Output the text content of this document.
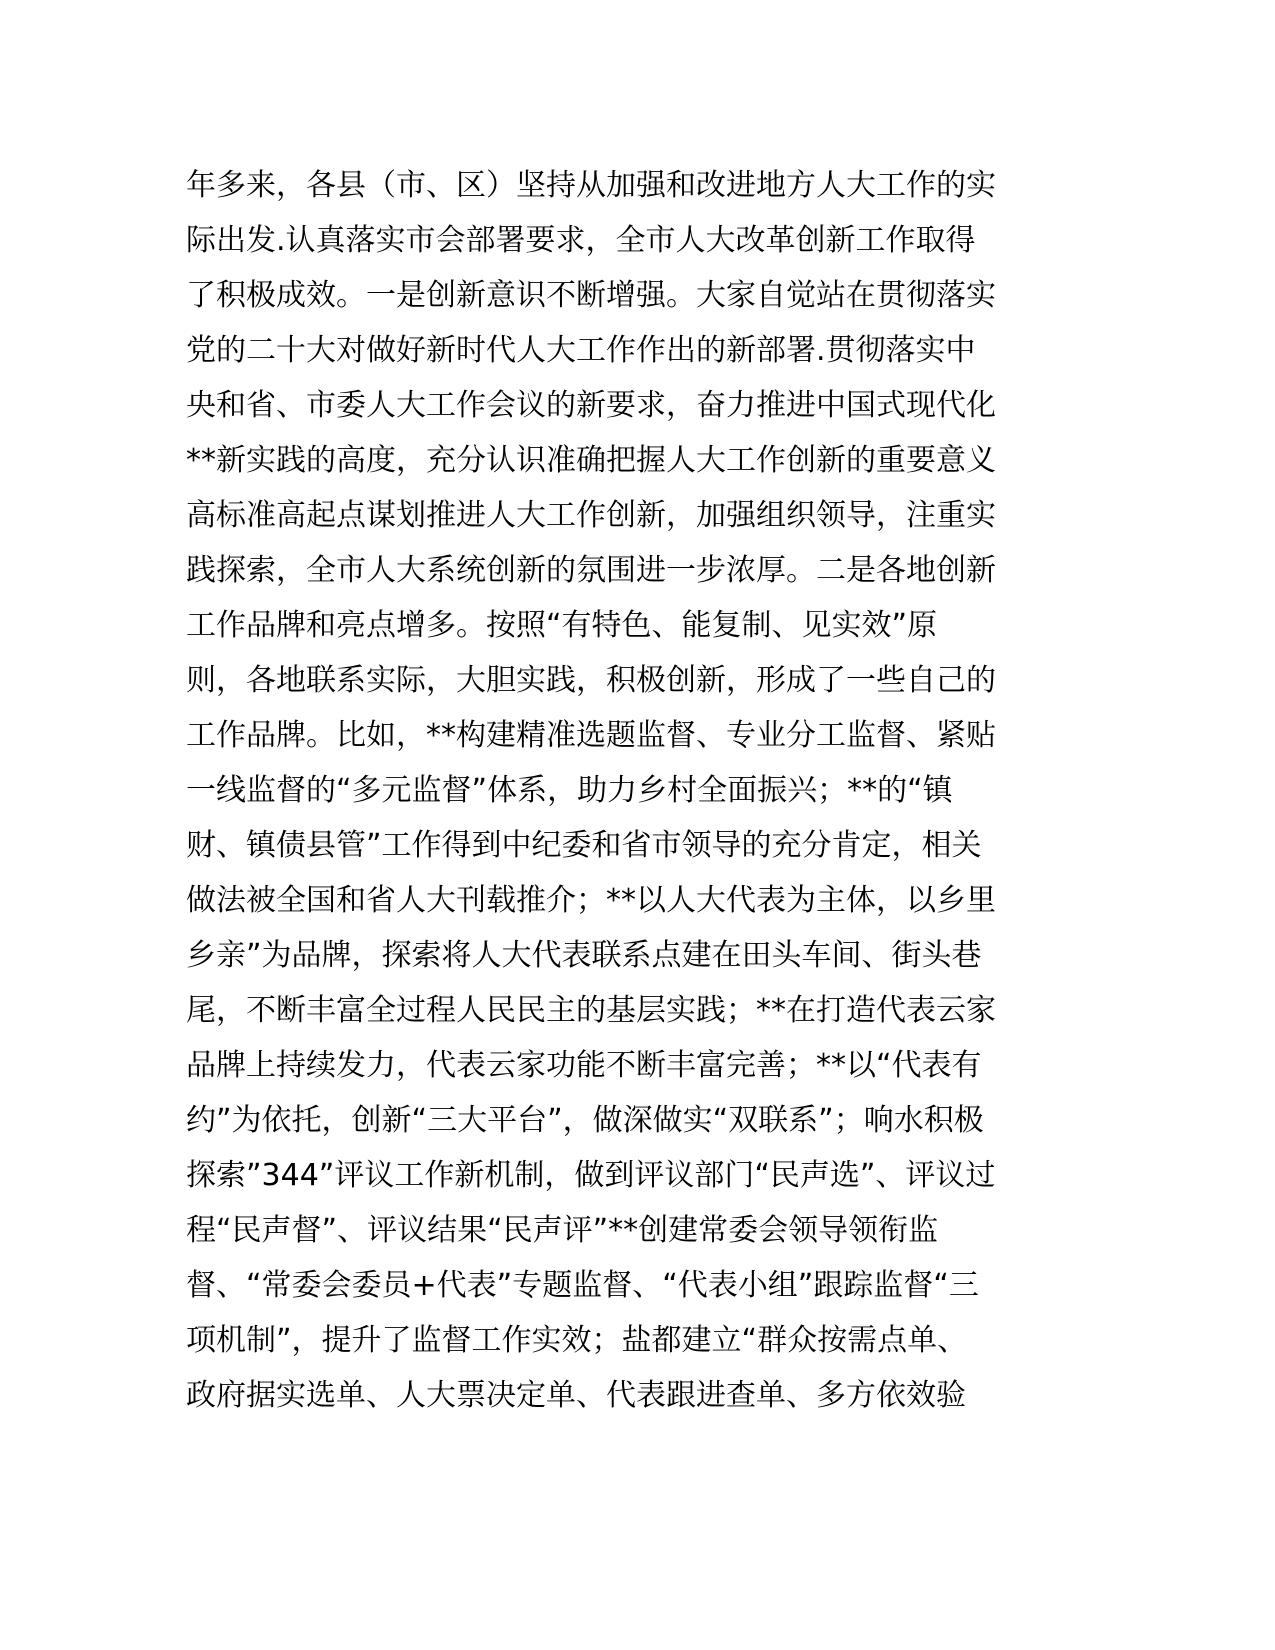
年多来，各县（市、区）坚持从加强和改进地方人大工作的实
际出发.认真落实市会部署要求，全市人大改革创新工作取得
了积极成效。一是创新意识不断增强。大家自觉站在贯彻落实
党的二十大对做好新时代人大工作作出的新部署.贯彻落实中
央和省、市委人大工作会议的新要求，奋力推进中国式现代化
**新实践的高度，充分认识准确把握人大工作创新的重要意义
高标准高起点谋划推进人大工作创新，加强组织领导，注重实
践探索，全市人大系统创新的氛围进一步浓厚。二是各地创新
工作品牌和亮点增多。按照“有特色、能复制、见实效”原
则，各地联系实际，大胆实践，积极创新，形成了一些自己的
工作品牌。比如，**构建精准选题监督、专业分工监督、紧贴
一线监督的“多元监督”体系，助力乡村全面振兴；**的“镇
财、镇债县管”工作得到中纪委和省市领导的充分肯定，相关
做法被全国和省人大刊载推介；**以人大代表为主体，以乡里
乡亲”为品牌，探索将人大代表联系点建在田头车间、街头巷
尾，不断丰富全过程人民民主的基层实践；**在打造代表云家
品牌上持续发力，代表云家功能不断丰富完善；**以“代表有
约”为依托，创新“三大平台”，做深做实“双联系”；响水积极
探索”344”评议工作新机制，做到评议部门“民声选”、评议过
程“民声督”、评议结果“民声评”**创建常委会领导领衔监
督、“常委会委员+代表”专题监督、“代表小组”跟踪监督“三
项机制”，提升了监督工作实效；盐都建立“群众按需点单、
政府据实选单、人大票决定单、代表跟进查单、多方依效验
